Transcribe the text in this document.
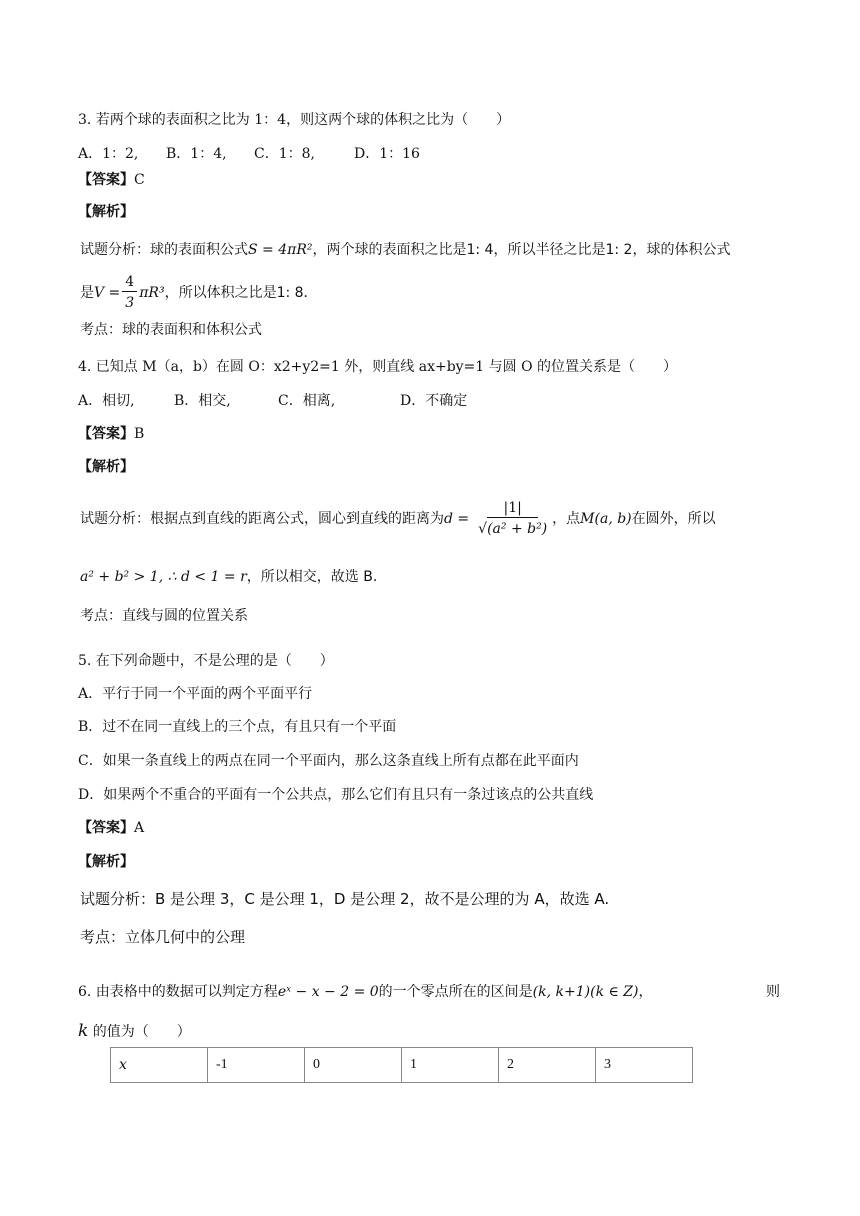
3. 若两个球的表面积之比为 1：4，则这两个球的体积之比为（　　）
A．1：2, B．1：4, C．1：8,	D．1：16
【答案】C
【解析】
试题分析：球的表面积公式S = 4πR²，两个球的表面积之比是1: 4，所以半径之比是1: 2，球的体积公式
是$V = \frac{4}{3} \pi R^3$，所以体积之比是1: 8．
考点：球的表面积和体积公式
4. 已知点 M（a，b）在圆 O：x2+y2=1 外，则直线 ax+by=1 与圆 O 的位置关系是（　　）
A．相切,	B．相交,	C．相离,	D．不确定
【答案】B
【解析】
试题分析：根据点到直线的距离公式，圆心到直线的距离为$d = \frac{|1|}{\text{√(a² + b²)}}$ ，点M(a, b)在圆外，所以
a² + b² > 1, ∴ d < 1 = r，所以相交，故选 B.
考点：直线与圆的位置关系
5. 在下列命题中，不是公理的是（　　）
A．平行于同一个平面的两个平面平行
B．过不在同一直线上的三个点，有且只有一个平面
C．如果一条直线上的两点在同一个平面内，那么这条直线上所有点都在此平面内
D．如果两个不重合的平面有一个公共点，那么它们有且只有一条过该点的公共直线
【答案】A
【解析】
试题分析：B 是公理 3，C 是公理 1，D 是公理 2，故不是公理的为 A，故选 A.
考点：立体几何中的公理
6. 由表格中的数据可以判定方程eˣ − x − 2 = 0的一个零点所在的区间是(k, k+1)(k ∈ Z)，	则
k 的值为（　　）
x	-1	0	1	2	3
